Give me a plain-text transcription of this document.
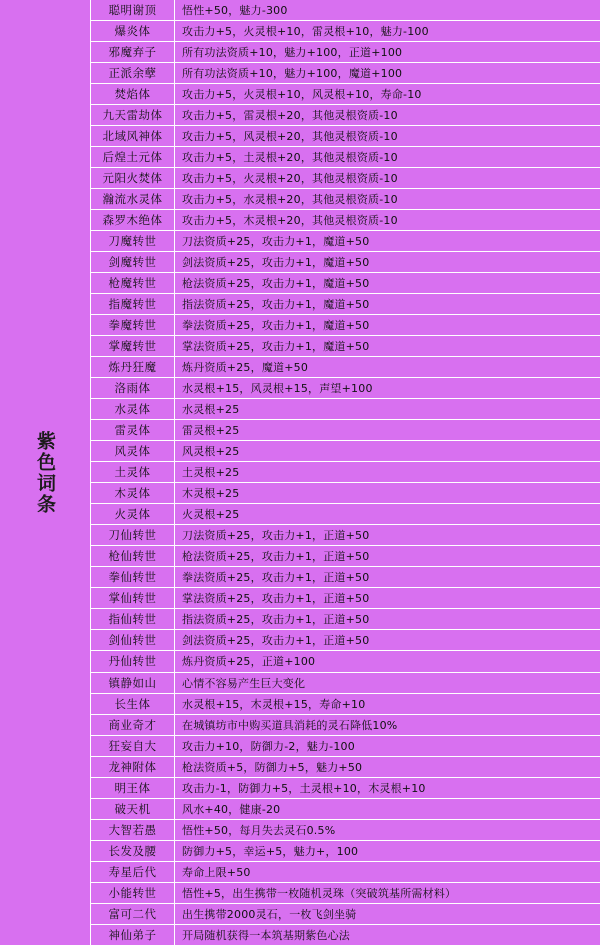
紫色词条
聪明谢顶	悟性+50，魅力-300
爆炎体	攻击力+5，火灵根+10，雷灵根+10，魅力-100
邪魔弃子	所有功法资质+10，魅力+100，正道+100
正派余孽	所有功法资质+10，魅力+100，魔道+100
焚焰体	攻击力+5，火灵根+10，风灵根+10，寿命-10
九天雷劫体	攻击力+5，雷灵根+20，其他灵根资质-10
北域风神体	攻击力+5，风灵根+20，其他灵根资质-10
后煌土元体	攻击力+5，土灵根+20，其他灵根资质-10
元阳火焚体	攻击力+5，火灵根+20，其他灵根资质-10
瀚流水灵体	攻击力+5，水灵根+20，其他灵根资质-10
森罗木绝体	攻击力+5，木灵根+20，其他灵根资质-10
刀魔转世	刀法资质+25，攻击力+1，魔道+50
剑魔转世	剑法资质+25，攻击力+1，魔道+50
枪魔转世	枪法资质+25，攻击力+1，魔道+50
指魔转世	指法资质+25，攻击力+1，魔道+50
拳魔转世	拳法资质+25，攻击力+1，魔道+50
掌魔转世	掌法资质+25，攻击力+1，魔道+50
炼丹狂魔	炼丹资质+25，魔道+50
洛雨体	水灵根+15，风灵根+15，声望+100
水灵体	水灵根+25
雷灵体	雷灵根+25
风灵体	风灵根+25
土灵体	土灵根+25
木灵体	木灵根+25
火灵体	火灵根+25
刀仙转世	刀法资质+25，攻击力+1，正道+50
枪仙转世	枪法资质+25，攻击力+1，正道+50
拳仙转世	拳法资质+25，攻击力+1，正道+50
掌仙转世	掌法资质+25，攻击力+1，正道+50
指仙转世	指法资质+25，攻击力+1，正道+50
剑仙转世	剑法资质+25，攻击力+1，正道+50
丹仙转世	炼丹资质+25，正道+100
镇静如山	心情不容易产生巨大变化
长生体	水灵根+15，木灵根+15，寿命+10
商业奇才	在城镇坊市中购买道具消耗的灵石降低10%
狂妄自大	攻击力+10，防御力-2，魅力-100
龙神附体	枪法资质+5，防御力+5，魅力+50
明王体	攻击力-1，防御力+5，土灵根+10，木灵根+10
破天机	风水+40，健康-20
大智若愚	悟性+50，每月失去灵石0.5%
长发及腰	防御力+5，幸运+5，魅力+，100
寿星后代	寿命上限+50
小能转世	悟性+5，出生携带一枚随机灵珠（突破筑基所需材料）
富可二代	出生携带2000灵石，一枚飞剑坐骑
神仙弟子	开局随机获得一本筑基期紫色心法
